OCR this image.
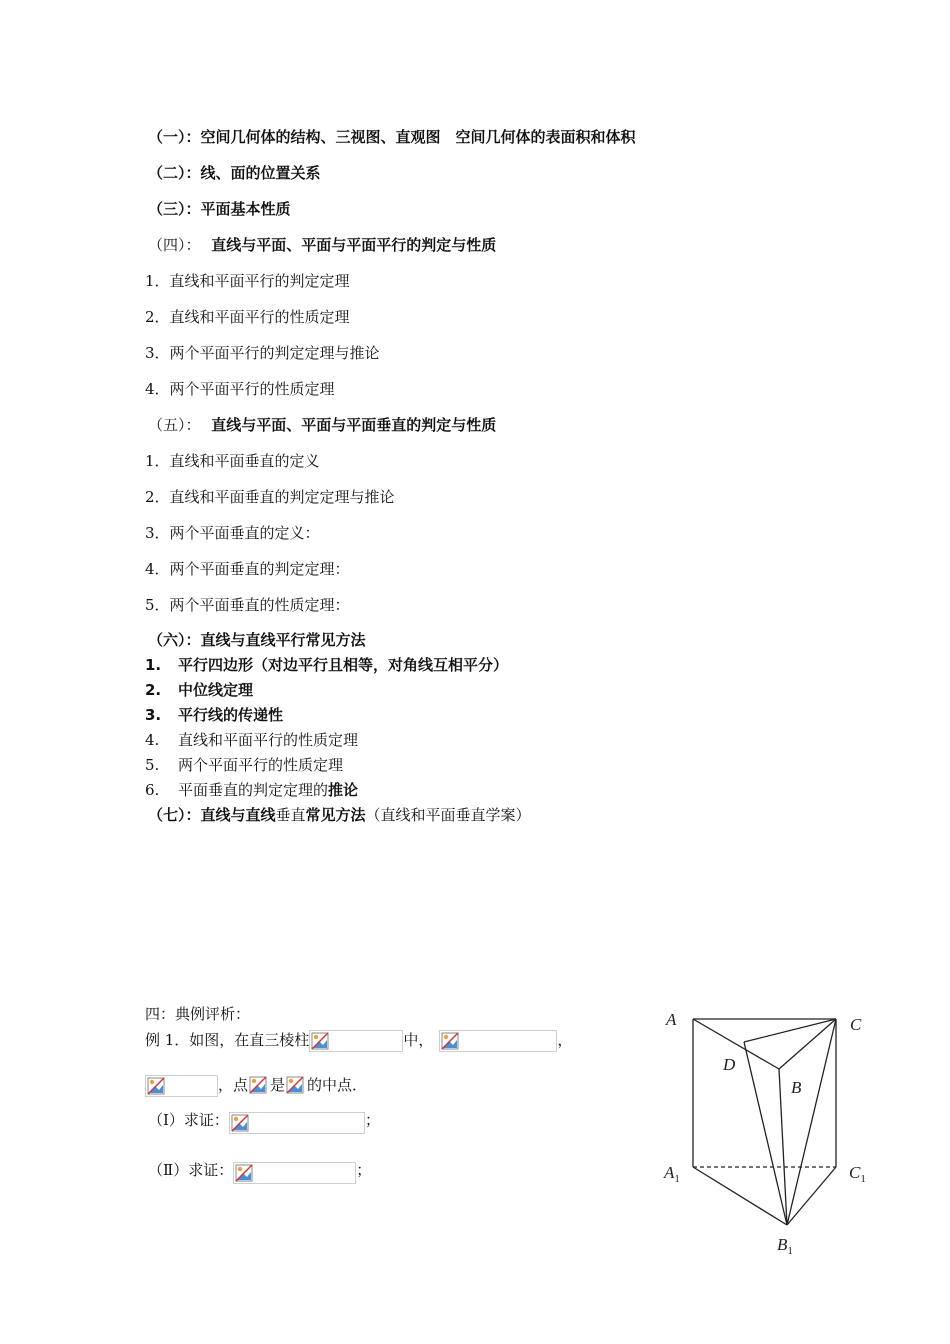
（一）：空间几何体的结构、三视图、直观图　空间几何体的表面积和体积
（二）：线、面的位置关系
（三）：平面基本性质
（四）： 直线与平面、平面与平面平行的判定与性质
1．直线和平面平行的判定定理
2．直线和平面平行的性质定理
3．两个平面平行的判定定理与推论
4．两个平面平行的性质定理
（五）： 直线与平面、平面与平面垂直的判定与性质
1．直线和平面垂直的定义
2．直线和平面垂直的判定定理与推论
3．两个平面垂直的定义：
4．两个平面垂直的判定定理：
5．两个平面垂直的性质定理：
（六）：直线与直线平行常见方法
1. 平行四边形（对边平行且相等，对角线互相平分）
2. 中位线定理
3. 平行线的传递性
4. 直线和平面平行的性质定理
5. 两个平面平行的性质定理
6. 平面垂直的判定定理的推论
（七）：直线与直线垂直常见方法（直线和平面垂直学案）
四：典例评析：
例 1．如图，在直三棱柱	中，	，
，点 是 的中点．
（Ⅰ）求证：	；
（Ⅱ）求证：	；
A	C
D
B
$A_1$	$C_1$
$B_1$
